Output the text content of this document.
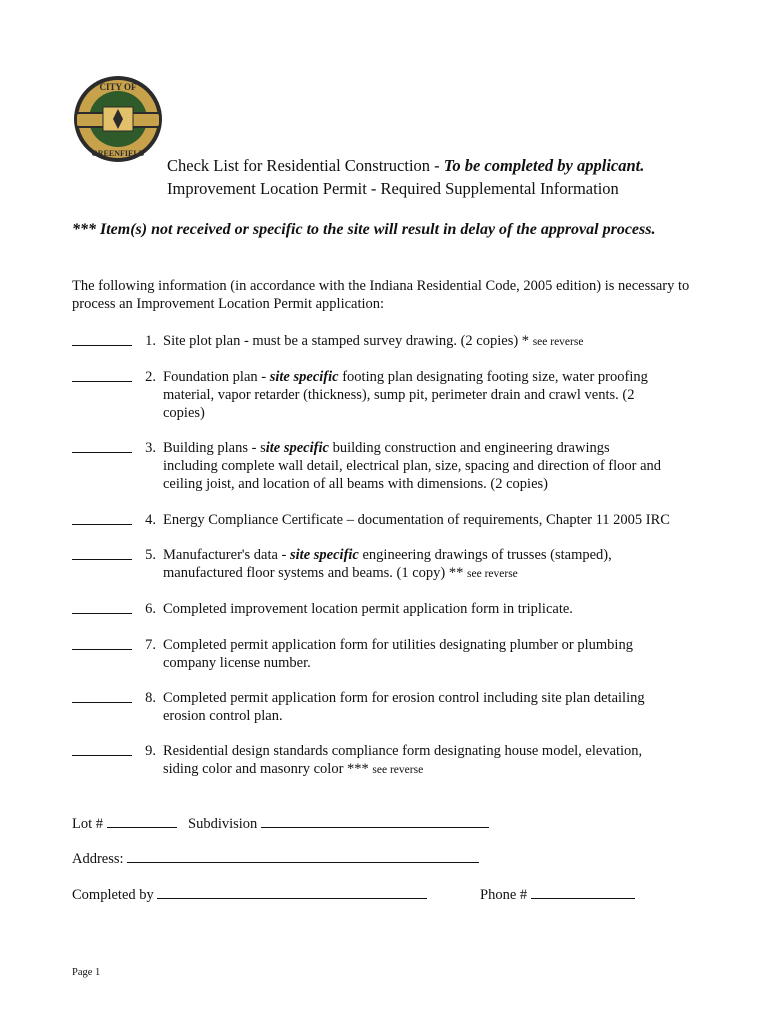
CITY OF
GREENFIELD
Check List for Residential Construction - To be completed by applicant.
Improvement Location Permit - Required Supplemental Information
*** Item(s) not received or specific to the site will result in delay of the approval process.
The following information (in accordance with the Indiana Residential Code, 2005 edition) is necessary to process an Improvement Location Permit application:
1. Site plot plan - must be a stamped survey drawing. (2 copies) * see reverse
2. Foundation plan - site specific footing plan designating footing size, water proofing material, vapor retarder (thickness), sump pit, perimeter drain and crawl vents. (2 copies)
3. Building plans - site specific building construction and engineering drawings including complete wall detail, electrical plan, size, spacing and direction of floor and ceiling joist, and location of all beams with dimensions. (2 copies)
4. Energy Compliance Certificate – documentation of requirements, Chapter 11 2005 IRC
5. Manufacturer's data - site specific engineering drawings of trusses (stamped), manufactured floor systems and beams. (1 copy) ** see reverse
6. Completed improvement location permit application form in triplicate.
7. Completed permit application form for utilities designating plumber or plumbing company license number.
8. Completed permit application form for erosion control including site plan detailing erosion control plan.
9. Residential design standards compliance form designating house model, elevation, siding color and masonry color *** see reverse
Lot #	Subdivision
Address:
Completed by	Phone #
Page 1
